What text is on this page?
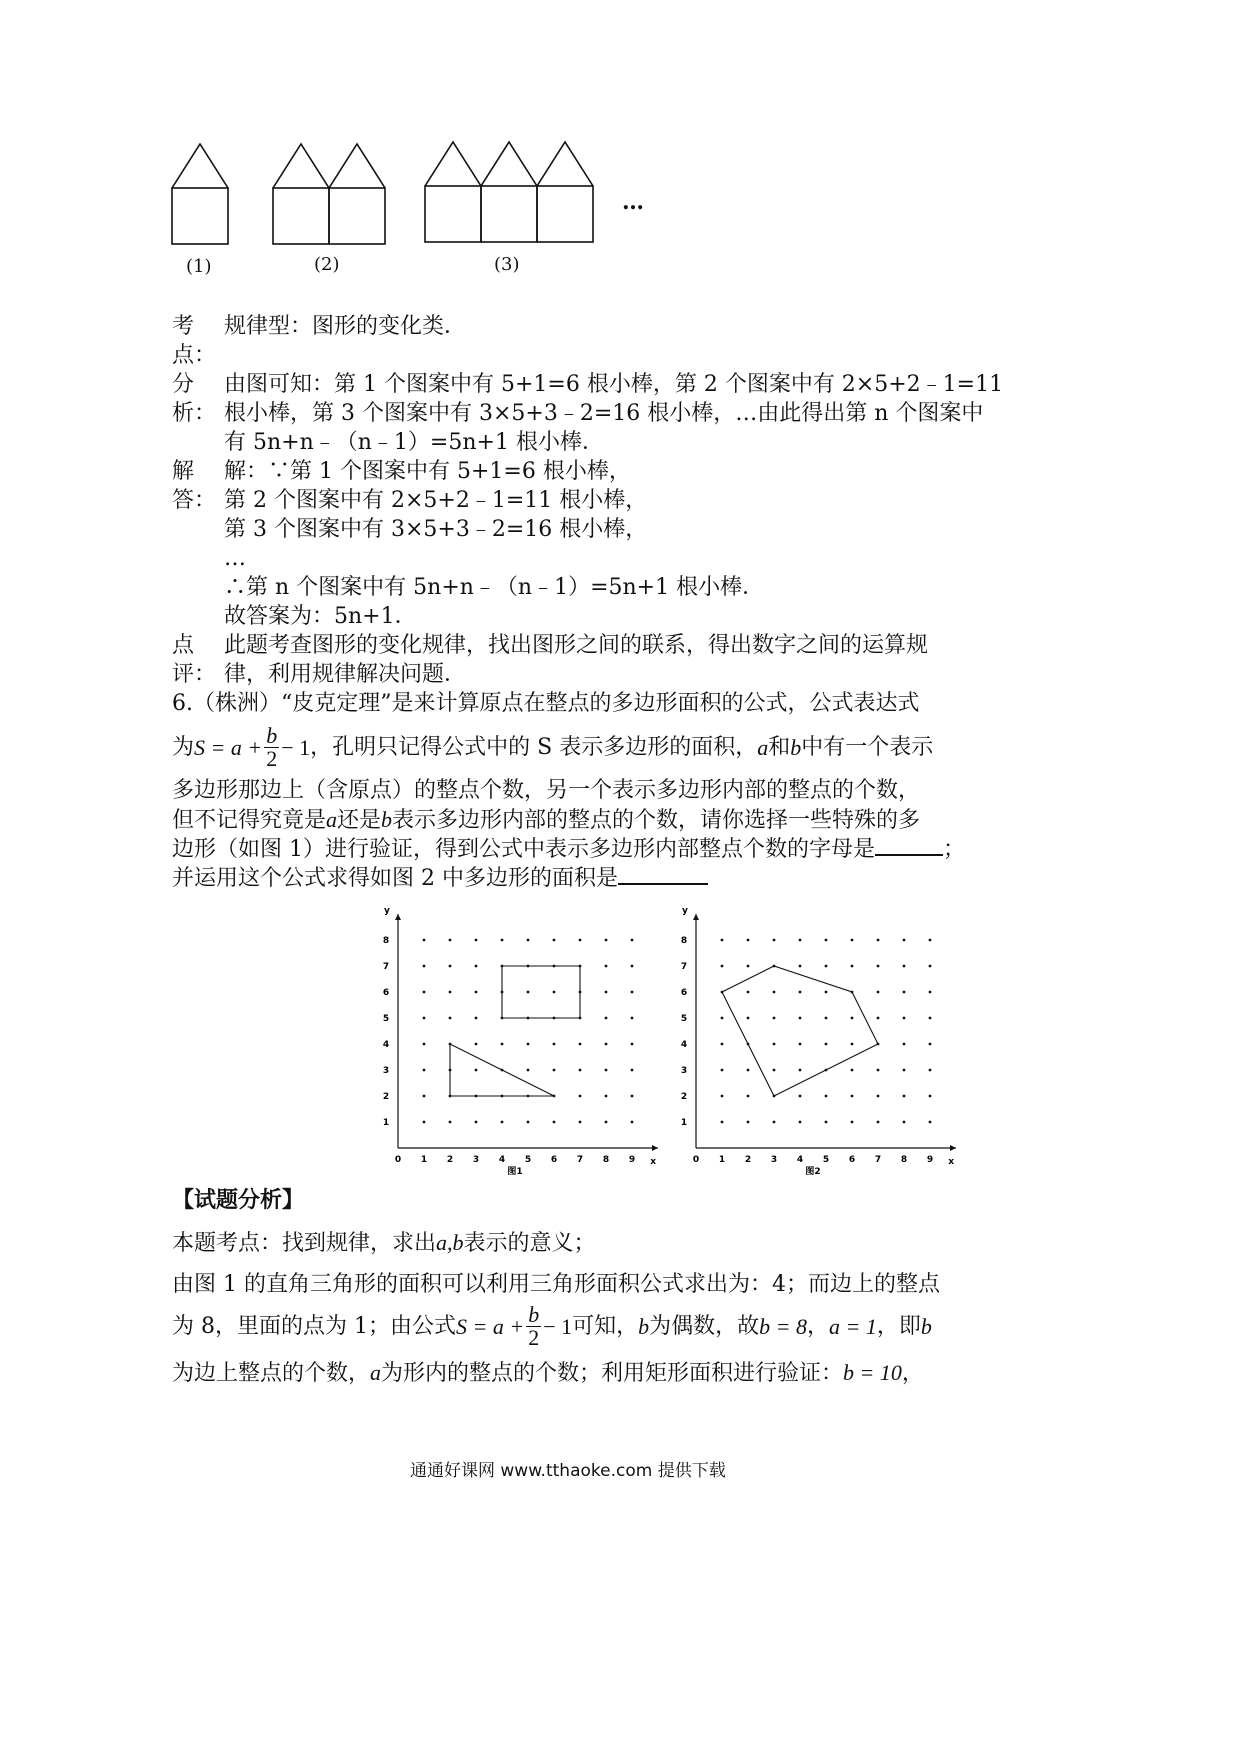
(1)	(2)	(3)
…
考
点：
规律型：图形的变化类．
分
析：
由图可知：第 1 个图案中有 5+1=6 根小棒，第 2 个图案中有 2×5+2﹣1=11
根小棒，第 3 个图案中有 3×5+3﹣2=16 根小棒，…由此得出第 n 个图案中
有 5n+n﹣（n﹣1）=5n+1 根小棒．
解
答：
解：∵第 1 个图案中有 5+1=6 根小棒，
第 2 个图案中有 2×5+2﹣1=11 根小棒，
第 3 个图案中有 3×5+3﹣2=16 根小棒，
…
∴第 n 个图案中有 5n+n﹣（n﹣1）=5n+1 根小棒．
故答案为：5n+1．
点
评：
此题考查图形的变化规律，找出图形之间的联系，得出数字之间的运算规
律，利用规律解决问题．
6.（株洲）“皮克定理”是来计算原点在整点的多边形面积的公式，公式表达式
为 $S = a + \frac{b}{2} - 1$ ，孔明只记得公式中的 S 表示多边形的面积， a 和 b 中有一个表示
多边形那边上（含原点）的整点个数，另一个表示多边形内部的整点的个数，
但不记得究竟是a还是b表示多边形内部的整点的个数，请你选择一些特殊的多
边形（如图 1）进行验证，得到公式中表示多边形内部整点个数的字母是	；
并运用这个公式求得如图 2 中多边形的面积是
0 1 2 3 4 5 6 7 8 9
1
2
3
4
5
6
7
8
x
y
图1
0 1 2 3 4 5 6 7 8 9
1
2
3
4
5
6
7
8
x
y
图2
【试题分析】
本题考点：找到规律，求出a,b表示的意义；
由图 1 的直角三角形的面积可以利用三角形面积公式求出为：4；而边上的整点
为 8，里面的点为 1；由公式 $S = a + \frac{b}{2} - 1$ 可知， b 为偶数，故 b = 8 ， a = 1 ，即 b
为边上整点的个数，a为形内的整点的个数；利用矩形面积进行验证：b = 10，
通通好课网 www.tthaoke.com 提供下载
